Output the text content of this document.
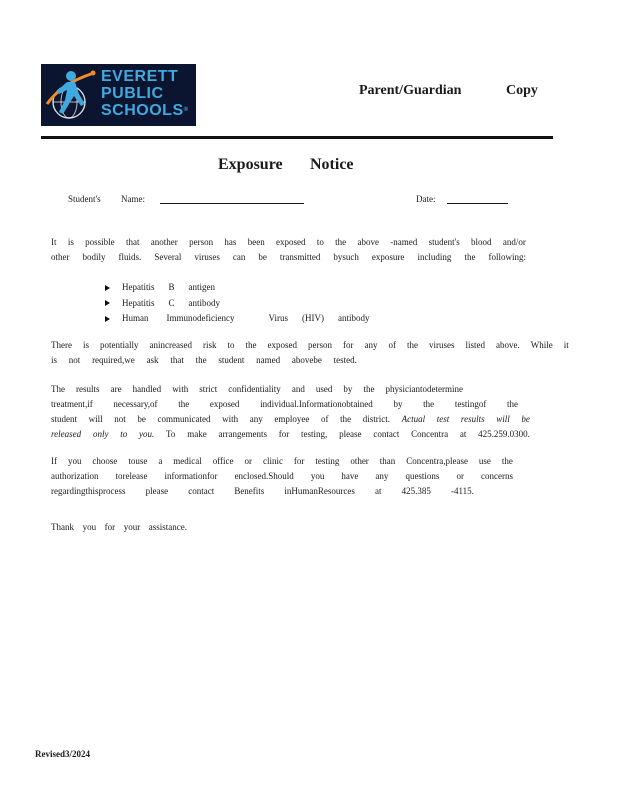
EVERETT
PUBLIC
SCHOOLS®
Parent/Guardian	Copy
Exposure Notice
Student's Name:	Date:
It is possible that another person has been exposed to the above -named student's blood and/or
other bodily fluids. Several viruses can be transmitted bysuch exposure including the following:
Hepatitis B antigen
Hepatitis C antibody
Human Immunodeficiency	Virus (HIV) antibody
There is potentially anincreased risk to the exposed person for any of the viruses listed above. While it
is not required,we ask that the student named abovebe tested.
The results are handled with strict confidentiality and used by the physiciantodetermine
treatment,if necessary,of the exposed individual.Informationobtained by the testingof the
student will not be communicated with any employee of the district. Actual test results will be
released only to you. To make arrangements for testing, please contact Concentra at 425.259.0300.
If you choose touse a medical office or clinic for testing other than Concentra,please use the
authorization torelease informationfor enclosed.Should you have any questions or concerns
regardingthisprocess please contact Benefits inHumanResources at 425.385 -4115.
Thank you for your assistance.
Revised3/2024
